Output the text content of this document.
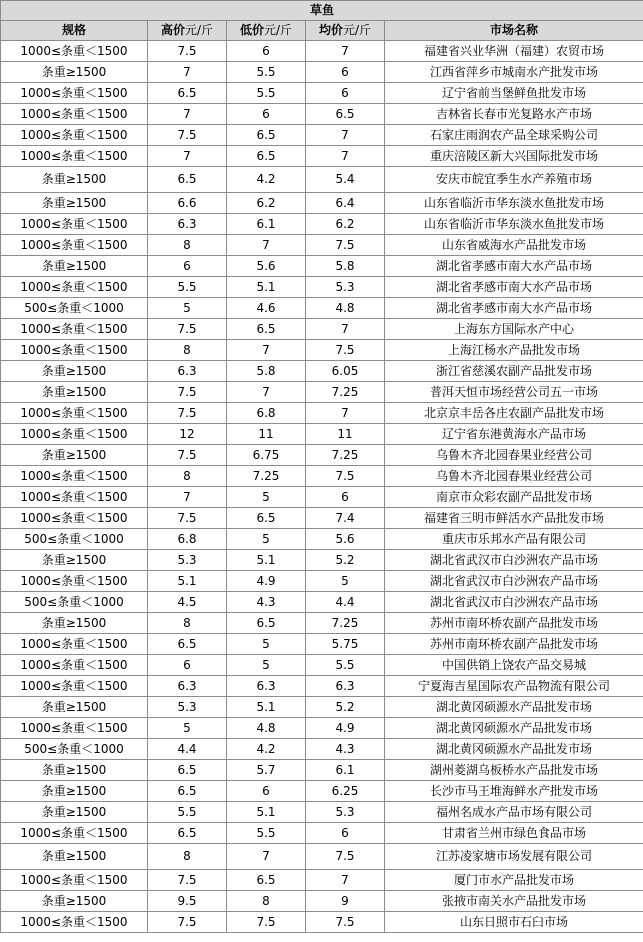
草鱼				
规格	高价元/斤	低价元/斤	均价元/斤	市场名称
1000≤条重＜1500	7.5	6	7	福建省兴业华洲（福建）农贸市场
条重≥1500	7	5.5	6	江西省萍乡市城南水产批发市场
1000≤条重＜1500	6.5	5.5	6	辽宁省前当堡鲜鱼批发市场
1000≤条重＜1500	7	6	6.5	吉林省长春市光复路水产市场
1000≤条重＜1500	7.5	6.5	7	石家庄雨润农产品全球采购公司
1000≤条重＜1500	7	6.5	7	重庆涪陵区新大兴国际批发市场
条重≥1500	6.5	4.2	5.4	安庆市皖宜季生水产养殖市场
条重≥1500	6.6	6.2	6.4	山东省临沂市华东淡水鱼批发市场
1000≤条重＜1500	6.3	6.1	6.2	山东省临沂市华东淡水鱼批发市场
1000≤条重＜1500	8	7	7.5	山东省威海水产品批发市场
条重≥1500	6	5.6	5.8	湖北省孝感市南大水产品市场
1000≤条重＜1500	5.5	5.1	5.3	湖北省孝感市南大水产品市场
500≤条重＜1000	5	4.6	4.8	湖北省孝感市南大水产品市场
1000≤条重＜1500	7.5	6.5	7	上海东方国际水产中心
1000≤条重＜1500	8	7	7.5	上海江杨水产品批发市场
条重≥1500	6.3	5.8	6.05	浙江省慈溪农副产品批发市场
条重≥1500	7.5	7	7.25	普洱天恒市场经营公司五一市场
1000≤条重＜1500	7.5	6.8	7	北京京丰岳各庄农副产品批发市场
1000≤条重＜1500	12	11	11	辽宁省东港黄海水产品市场
条重≥1500	7.5	6.75	7.25	乌鲁木齐北园春果业经营公司
1000≤条重＜1500	8	7.25	7.5	乌鲁木齐北园春果业经营公司
1000≤条重＜1500	7	5	6	南京市众彩农副产品批发市场
1000≤条重＜1500	7.5	6.5	7.4	福建省三明市鲜活水产品批发市场
500≤条重＜1000	6.8	5	5.6	重庆市乐邦水产品有限公司
条重≥1500	5.3	5.1	5.2	湖北省武汉市白沙洲农产品市场
1000≤条重＜1500	5.1	4.9	5	湖北省武汉市白沙洲农产品市场
500≤条重＜1000	4.5	4.3	4.4	湖北省武汉市白沙洲农产品市场
条重≥1500	8	6.5	7.25	苏州市南环桥农副产品批发市场
1000≤条重＜1500	6.5	5	5.75	苏州市南环桥农副产品批发市场
1000≤条重＜1500	6	5	5.5	中国供销上饶农产品交易城
1000≤条重＜1500	6.3	6.3	6.3	宁夏海吉星国际农产品物流有限公司
条重≥1500	5.3	5.1	5.2	湖北黄冈硕源水产品批发市场
1000≤条重＜1500	5	4.8	4.9	湖北黄冈硕源水产品批发市场
500≤条重＜1000	4.4	4.2	4.3	湖北黄冈硕源水产品批发市场
条重≥1500	6.5	5.7	6.1	湖州菱湖乌板桥水产品批发市场
条重≥1500	6.5	6	6.25	长沙市马王堆海鲜水产批发市场
条重≥1500	5.5	5.1	5.3	福州名成水产品市场有限公司
1000≤条重＜1500	6.5	5.5	6	甘肃省兰州市绿色食品市场
条重≥1500	8	7	7.5	江苏凌家塘市场发展有限公司
1000≤条重＜1500	7.5	6.5	7	厦门市水产品批发市场
条重≥1500	9.5	8	9	张掖市南关水产品批发市场
1000≤条重＜1500	7.5	7.5	7.5	山东日照市石臼市场
